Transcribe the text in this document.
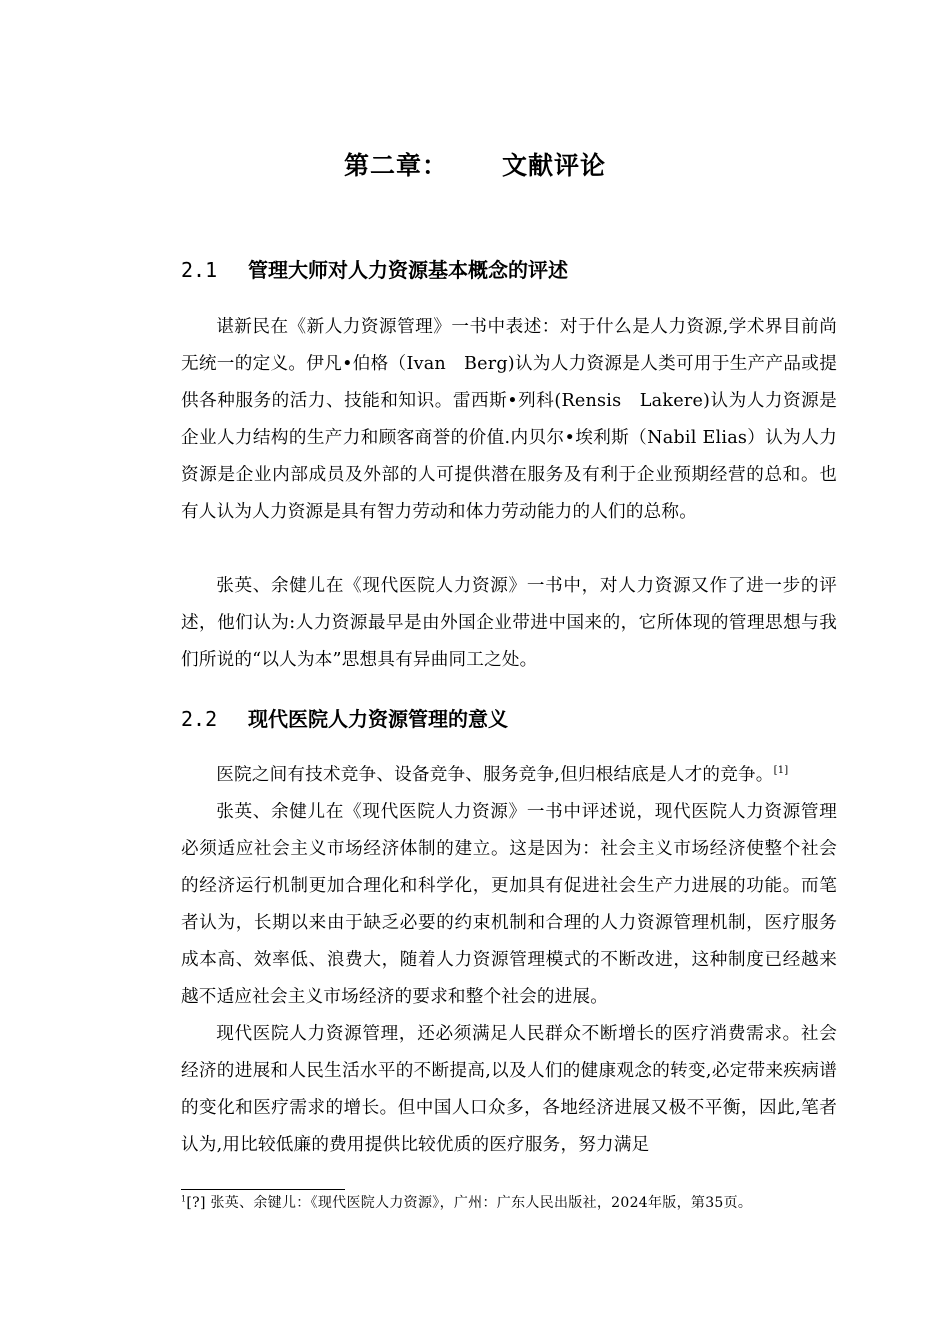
第二章： 文献评论
2.1 管理大师对人力资源基本概念的评述

谌新民在《新人力资源管理》一书中表述：对于什么是人力资源,学术界目前尚无统一的定义。伊凡•伯格（Ivan　Berg)认为人力资源是人类可用于生产产品或提供各种服务的活力、技能和知识。雷西斯•列科(Rensis　Lakere)认为人力资源是企业人力结构的生产力和顾客商誉的价值.内贝尔•埃利斯（Nabil Elias）认为人力资源是企业内部成员及外部的人可提供潜在服务及有利于企业预期经营的总和。也有人认为人力资源是具有智力劳动和体力劳动能力的人们的总称。

张英、余健儿在《现代医院人力资源》一书中，对人力资源又作了进一步的评述，他们认为:人力资源最早是由外国企业带进中国来的，它所体现的管理思想与我们所说的“以人为本”思想具有异曲同工之处。

2.2 现代医院人力资源管理的意义

医院之间有技术竞争、设备竞争、服务竞争,但归根结底是人才的竞争。[1]

张英、余健儿在《现代医院人力资源》一书中评述说，现代医院人力资源管理必须适应社会主义市场经济体制的建立。这是因为：社会主义市场经济使整个社会的经济运行机制更加合理化和科学化，更加具有促进社会生产力进展的功能。而笔者认为，长期以来由于缺乏必要的约束机制和合理的人力资源管理机制，医疗服务成本高、效率低、浪费大，随着人力资源管理模式的不断改进，这种制度已经越来越不适应社会主义市场经济的要求和整个社会的进展。

现代医院人力资源管理，还必须满足人民群众不断增长的医疗消费需求。社会经济的进展和人民生活水平的不断提高,以及人们的健康观念的转变,必定带来疾病谱的变化和医疗需求的增长。但中国人口众多，各地经济进展又极不平衡，因此,笔者认为,用比较低廉的费用提供比较优质的医疗服务，努力满足

$^1$[?] 张英、余键儿：《现代医院人力资源》，广州：广东人民出版社，2024年版，第35页。
